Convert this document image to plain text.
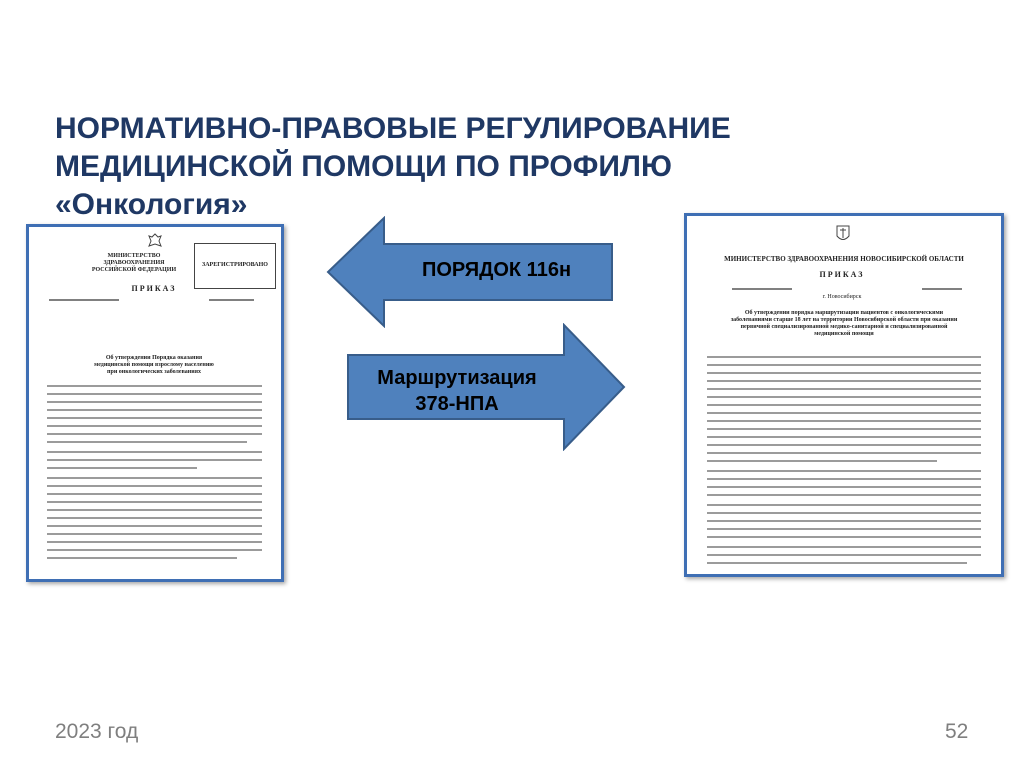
НОРМАТИВНО-ПРАВОВЫЕ РЕГУЛИРОВАНИЕ
МЕДИЦИНСКОЙ ПОМОЩИ ПО ПРОФИЛЮ
«Онкология»
МИНИСТЕРСТВО ЗДРАВООХРАНЕНИЯ РОССИЙСКОЙ ФЕДЕРАЦИИ
ЗАРЕГИСТРИРОВАНО
ПРИКАЗ
Об утверждении Порядка оказания медицинской помощи взрослому населению при онкологических заболеваниях
МИНИСТЕРСТВО ЗДРАВООХРАНЕНИЯ НОВОСИБИРСКОЙ ОБЛАСТИ
ПРИКАЗ
г. Новосибирск
Об утверждении порядка маршрутизации пациентов с онкологическими заболеваниями старше 18 лет на территории Новосибирской области при оказании первичной специализированной медико-санитарной и специализированной медицинской помощи
ПОРЯДОК 116н
Маршрутизация
378-НПА
2023 год	52
